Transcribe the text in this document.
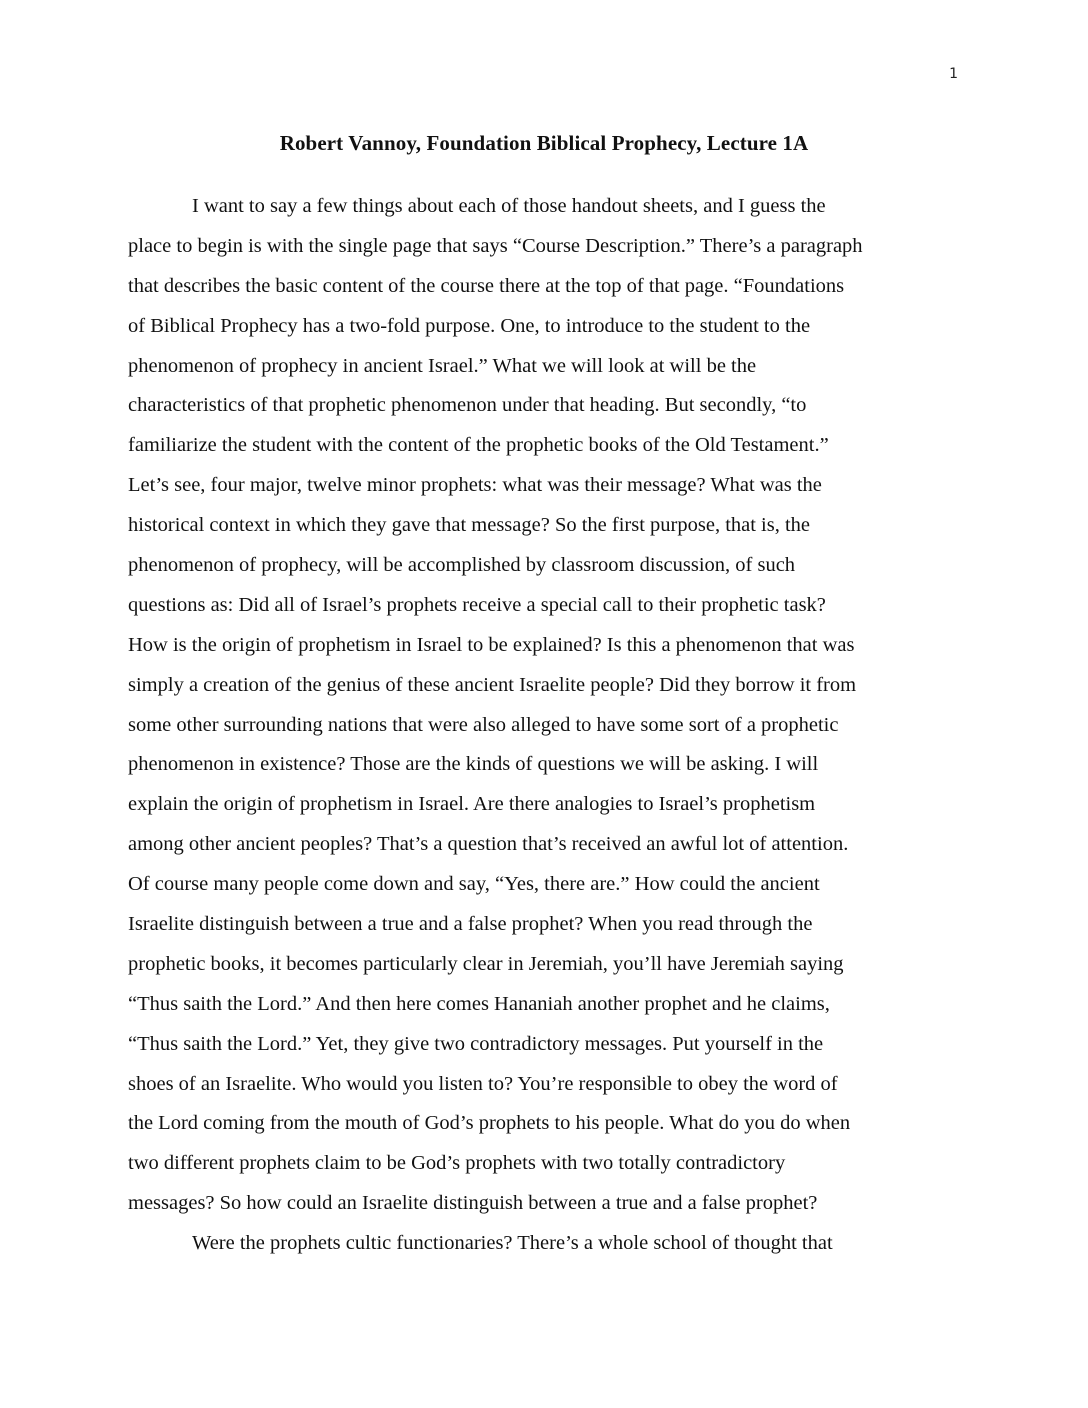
1
Robert Vannoy, Foundation Biblical Prophecy, Lecture 1A
I want to say a few things about each of those handout sheets, and I guess the
place to begin is with the single page that says “Course Description.” There’s a paragraph
that describes the basic content of the course there at the top of that page. “Foundations
of Biblical Prophecy has a two-fold purpose. One, to introduce to the student to the
phenomenon of prophecy in ancient Israel.” What we will look at will be the
characteristics of that prophetic phenomenon under that heading. But secondly, “to
familiarize the student with the content of the prophetic books of the Old Testament.”
Let’s see, four major, twelve minor prophets: what was their message? What was the
historical context in which they gave that message? So the first purpose, that is, the
phenomenon of prophecy, will be accomplished by classroom discussion, of such
questions as: Did all of Israel’s prophets receive a special call to their prophetic task?
How is the origin of prophetism in Israel to be explained? Is this a phenomenon that was
simply a creation of the genius of these ancient Israelite people? Did they borrow it from
some other surrounding nations that were also alleged to have some sort of a prophetic
phenomenon in existence? Those are the kinds of questions we will be asking. I will
explain the origin of prophetism in Israel. Are there analogies to Israel’s prophetism
among other ancient peoples? That’s a question that’s received an awful lot of attention.
Of course many people come down and say, “Yes, there are.” How could the ancient
Israelite distinguish between a true and a false prophet? When you read through the
prophetic books, it becomes particularly clear in Jeremiah, you’ll have Jeremiah saying
“Thus saith the Lord.” And then here comes Hananiah another prophet and he claims,
“Thus saith the Lord.” Yet, they give two contradictory messages. Put yourself in the
shoes of an Israelite. Who would you listen to? You’re responsible to obey the word of
the Lord coming from the mouth of God’s prophets to his people. What do you do when
two different prophets claim to be God’s prophets with two totally contradictory
messages? So how could an Israelite distinguish between a true and a false prophet?
Were the prophets cultic functionaries? There’s a whole school of thought that
